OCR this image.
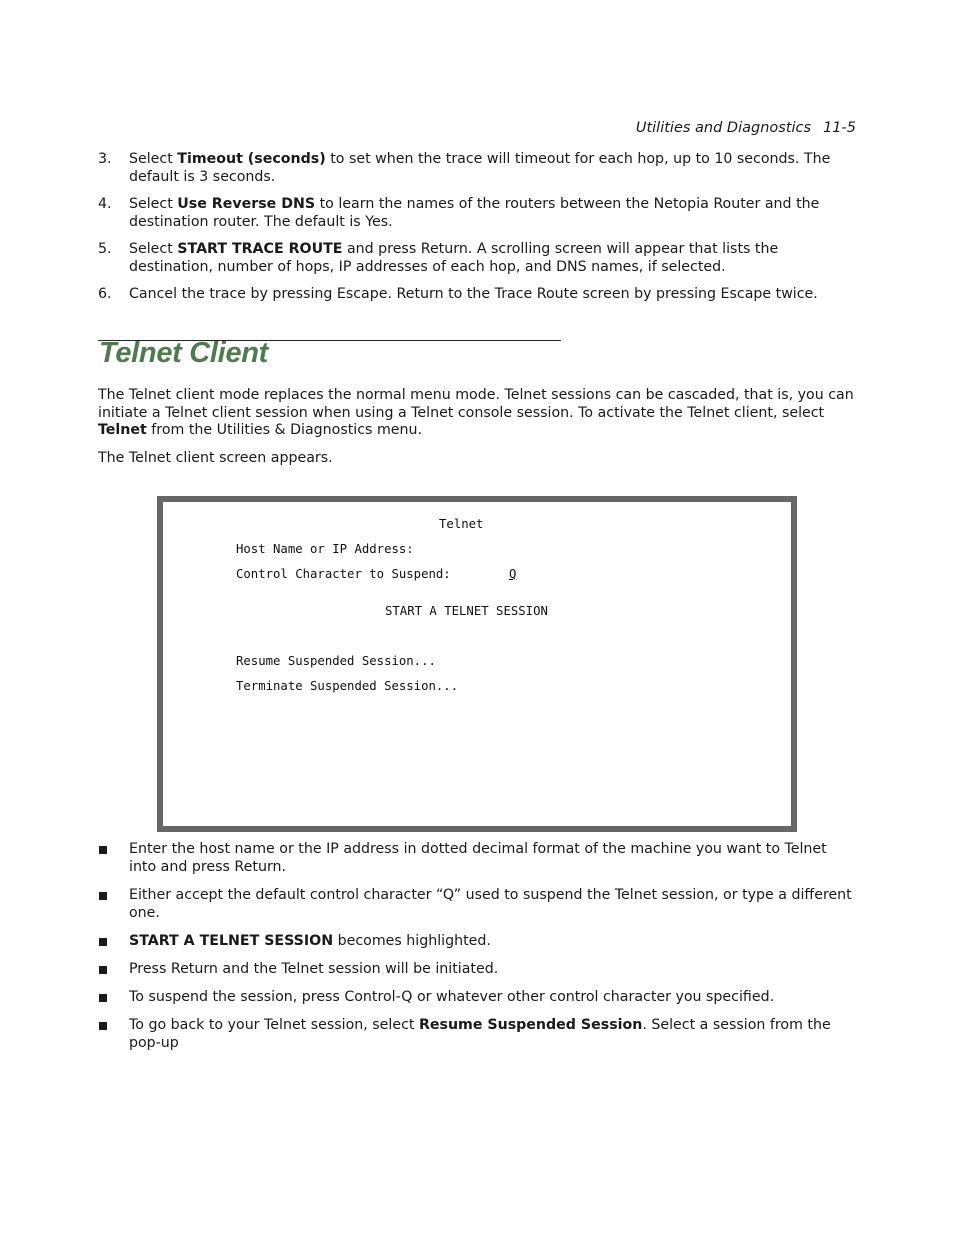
Utilities and Diagnostics 11-5
3. Select Timeout (seconds) to set when the trace will timeout for each hop, up to 10 seconds. The default is 3 seconds.
4. Select Use Reverse DNS to learn the names of the routers between the Netopia Router and the destination router. The default is Yes.
5. Select START TRACE ROUTE and press Return. A scrolling screen will appear that lists the destination, number of hops, IP addresses of each hop, and DNS names, if selected.
6. Cancel the trace by pressing Escape. Return to the Trace Route screen by pressing Escape twice.
Telnet Client

The Telnet client mode replaces the normal menu mode. Telnet sessions can be cascaded, that is, you can initiate a Telnet client session when using a Telnet console session. To activate the Telnet client, select Telnet from the Utilities & Diagnostics menu.

The Telnet client screen appears.

Telnet
Host Name or IP Address:
Control Character to Suspend:	Q
START A TELNET SESSION
Resume Suspended Session...
Terminate Suspended Session...
Enter the host name or the IP address in dotted decimal format of the machine you want to Telnet into and press Return.
Either accept the default control character “Q” used to suspend the Telnet session, or type a different one.
START A TELNET SESSION becomes highlighted.
Press Return and the Telnet session will be initiated.
To suspend the session, press Control-Q or whatever other control character you specified.
To go back to your Telnet session, select Resume Suspended Session. Select a session from the pop-up
